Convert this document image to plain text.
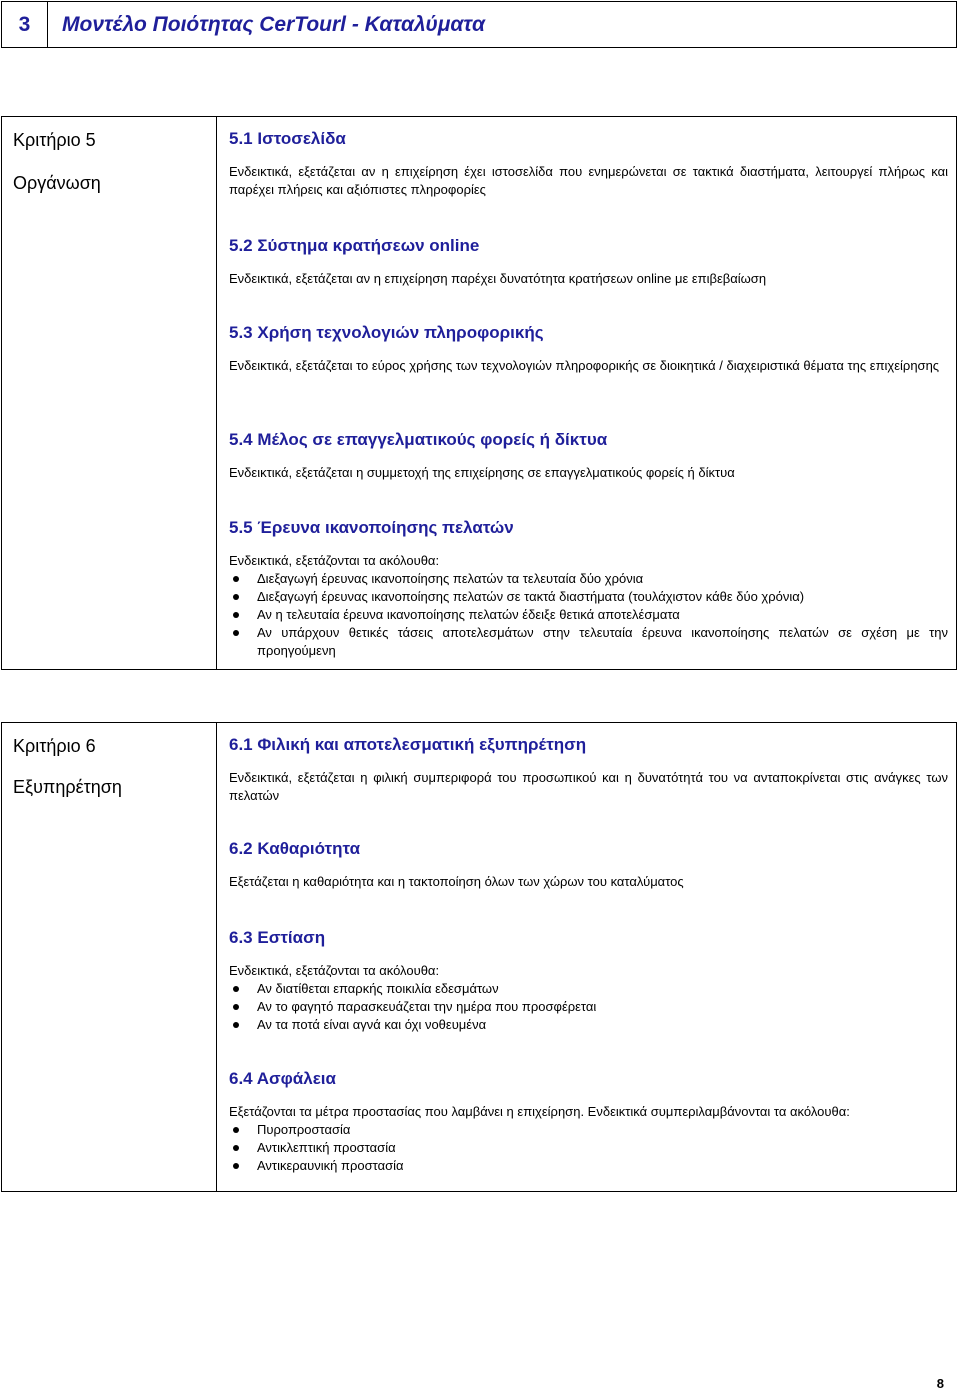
3	Μοντέλο Ποιότητας CerTourl - Καταλύματα
Κριτήριο 5
Οργάνωση
5.1 Ιστοσελίδα

Ενδεικτικά, εξετάζεται αν η επιχείρηση έχει ιστοσελίδα που ενημερώνεται σε τακτικά διαστήματα, λειτουργεί πλήρως και παρέχει πλήρεις και αξιόπιστες πληροφορίες

5.2 Σύστημα κρατήσεων online

Ενδεικτικά, εξετάζεται αν η επιχείρηση παρέχει δυνατότητα κρατήσεων online με επιβεβαίωση

5.3 Χρήση τεχνολογιών πληροφορικής

Ενδεικτικά, εξετάζεται το εύρος χρήσης των τεχνολογιών πληροφορικής σε διοικητικά / διαχειριστικά θέματα της επιχείρησης

5.4 Μέλος σε επαγγελματικούς φορείς ή δίκτυα

Ενδεικτικά, εξετάζεται η συμμετοχή της επιχείρησης σε επαγγελματικούς φορείς ή δίκτυα

5.5 Έρευνα ικανοποίησης πελατών

Ενδεικτικά, εξετάζονται τα ακόλουθα:

Διεξαγωγή έρευνας ικανοποίησης πελατών τα τελευταία δύο χρόνια
Διεξαγωγή έρευνας ικανοποίησης πελατών σε τακτά διαστήματα (τουλάχιστον κάθε δύο χρόνια)
Αν η τελευταία έρευνα ικανοποίησης πελατών έδειξε θετικά αποτελέσματα
Αν υπάρχουν θετικές τάσεις αποτελεσμάτων στην τελευταία έρευνα ικανοποίησης πελατών σε σχέση με την προηγούμενη
Κριτήριο 6
Εξυπηρέτηση
6.1 Φιλική και αποτελεσματική εξυπηρέτηση

Ενδεικτικά, εξετάζεται η φιλική συμπεριφορά του προσωπικού και η δυνατότητά του να ανταποκρίνεται στις ανάγκες των πελατών

6.2 Καθαριότητα

Εξετάζεται η καθαριότητα και η τακτοποίηση όλων των χώρων του καταλύματος

6.3 Εστίαση

Ενδεικτικά, εξετάζονται τα ακόλουθα:

Αν διατίθεται επαρκής ποικιλία εδεσμάτων
Αν το φαγητό παρασκευάζεται την ημέρα που προσφέρεται
Αν τα ποτά είναι αγνά και όχι νοθευμένα
6.4 Ασφάλεια

Εξετάζονται τα μέτρα προστασίας που λαμβάνει η επιχείρηση. Ενδεικτικά συμπεριλαμβάνονται τα ακόλουθα:

Πυροπροστασία
Αντικλεπτική προστασία
Αντικεραυνική προστασία
8
